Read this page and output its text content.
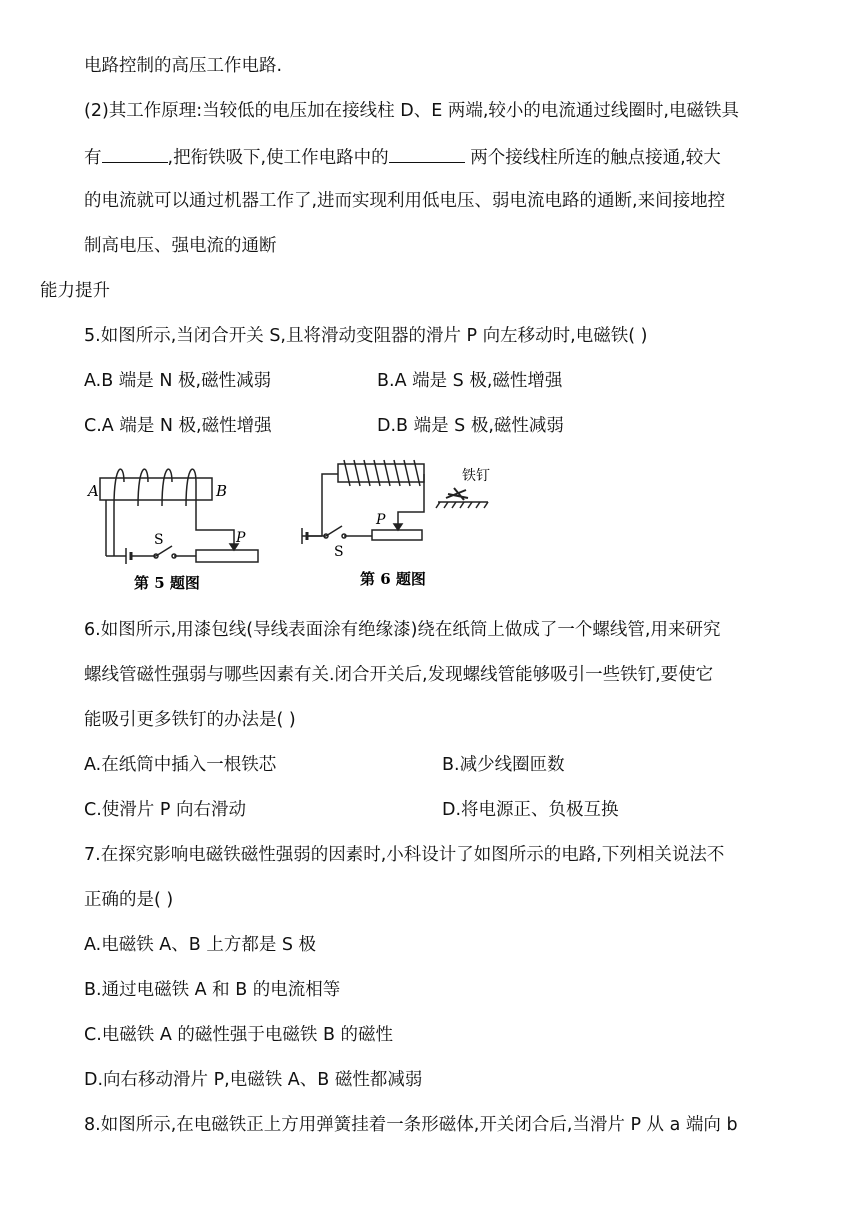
电路控制的高压工作电路.
(2)其工作原理:当较低的电压加在接线柱 D、E 两端,较小的电流通过线圈时,电磁铁具
有	,把衔铁吸下,使工作电路中的	两个接线柱所连的触点接通,较大
的电流就可以通过机器工作了,进而实现利用低电压、弱电流电路的通断,来间接地控
制高电压、强电流的通断
能力提升
5.如图所示,当闭合开关 S,且将滑动变阻器的滑片 P 向左移动时,电磁铁( )
A.B 端是 N 极,磁性减弱	B.A 端是 S 极,磁性增强
C.A 端是 N 极,磁性增强	D.B 端是 S 极,磁性减弱
A	B
S	P
第 5 题图
铁钉
S
P
第 6 题图
6.如图所示,用漆包线(导线表面涂有绝缘漆)绕在纸筒上做成了一个螺线管,用来研究
螺线管磁性强弱与哪些因素有关.闭合开关后,发现螺线管能够吸引一些铁钉,要使它
能吸引更多铁钉的办法是( )
A.在纸筒中插入一根铁芯	B.减少线圈匝数
C.使滑片 P 向右滑动	D.将电源正、负极互换
7.在探究影响电磁铁磁性强弱的因素时,小科设计了如图所示的电路,下列相关说法不
正确的是( )
A.电磁铁 A、B 上方都是 S 极
B.通过电磁铁 A 和 B 的电流相等
C.电磁铁 A 的磁性强于电磁铁 B 的磁性
D.向右移动滑片 P,电磁铁 A、B 磁性都减弱
8.如图所示,在电磁铁正上方用弹簧挂着一条形磁体,开关闭合后,当滑片 P 从 a 端向 b
